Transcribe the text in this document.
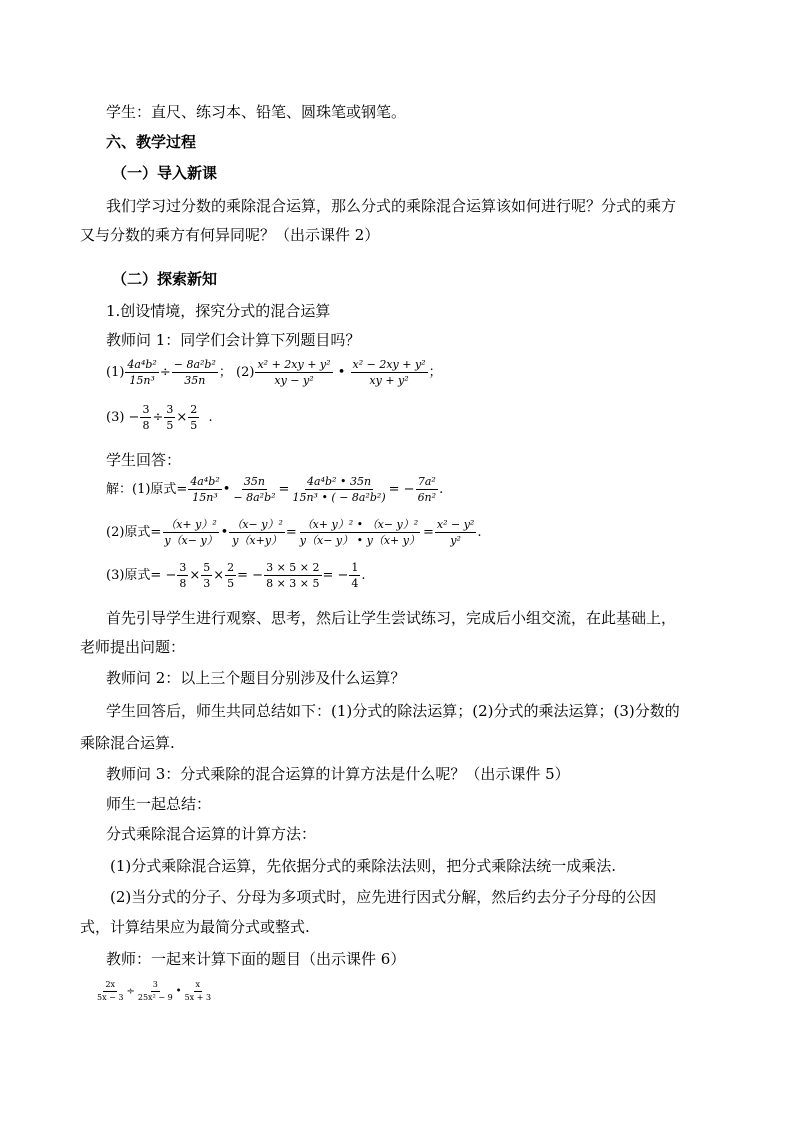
学生：直尺、练习本、铅笔、圆珠笔或钢笔。
六、教学过程
（一）导入新课
我们学习过分数的乘除混合运算，那么分式的乘除混合运算该如何进行呢？分式的乘方
又与分数的乘方有何异同呢？（出示课件 2）
（二）探索新知
1.创设情境，探究分式的混合运算
教师问 1：同学们会计算下列题目吗？
$(1) \frac{\text{4a⁴b²}}{\text{15n³}} \div \frac{\text{− 8a²b²}}{35n}$ ； $(2) \frac{\text{x² + 2xy + y²}}{\text{xy − y²}}$ • $\frac{\text{x² − 2xy + y²}}{\text{xy + y²}}$ ；
$(3) - \frac{3}{8} \div \frac{3}{5} \times \frac{2}{5}$ .
学生回答：
解：(1)原式= $\frac{\text{4a⁴b²}}{\text{15n³}}$ • $\frac{35n}{\text{− 8a²b²}} = \frac{\text{4a⁴b² • 35n}}{\text{15n³ • ( − 8a²b²)}}$ = − $\frac{\text{7a²}}{\text{6n²}}$ .
(2)原式= $\frac{\text{（x+ y）²}}{y(x- y)}$ • $\frac{\text{（x− y）²}}{y(x+y)} = \frac{\text{（x+ y）² • （x− y）²}}{y(x- y) • y(x+ y)} = \frac{\text{x² − y²}}{\text{y²}}$ .
(3)原式= − $\frac{3}{8} \times \frac{5}{3} \times \frac{2}{5}$ = − $\frac{3 \times 5 \times 2}{8 \times 3 \times 5}$ = − $\frac{1}{4}$ .
首先引导学生进行观察、思考，然后让学生尝试练习，完成后小组交流，在此基础上，
老师提出问题：
教师问 2：以上三个题目分别涉及什么运算？
学生回答后，师生共同总结如下：(1)分式的除法运算；(2)分式的乘法运算；(3)分数的
乘除混合运算.
教师问 3：分式乘除的混合运算的计算方法是什么呢？（出示课件 5）
师生一起总结：
分式乘除混合运算的计算方法：
(1)分式乘除混合运算，先依据分式的乘除法法则，把分式乘除法统一成乘法.
(2)当分式的分子、分母为多项式时，应先进行因式分解，然后约去分子分母的公因
式，计算结果应为最简分式或整式.
教师：一起来计算下面的题目（出示课件 6）
$\frac{2x}{5x - 3} \div \frac{3}{\text{25x² − 9}}$ • $\frac{x}{5x + 3}$
